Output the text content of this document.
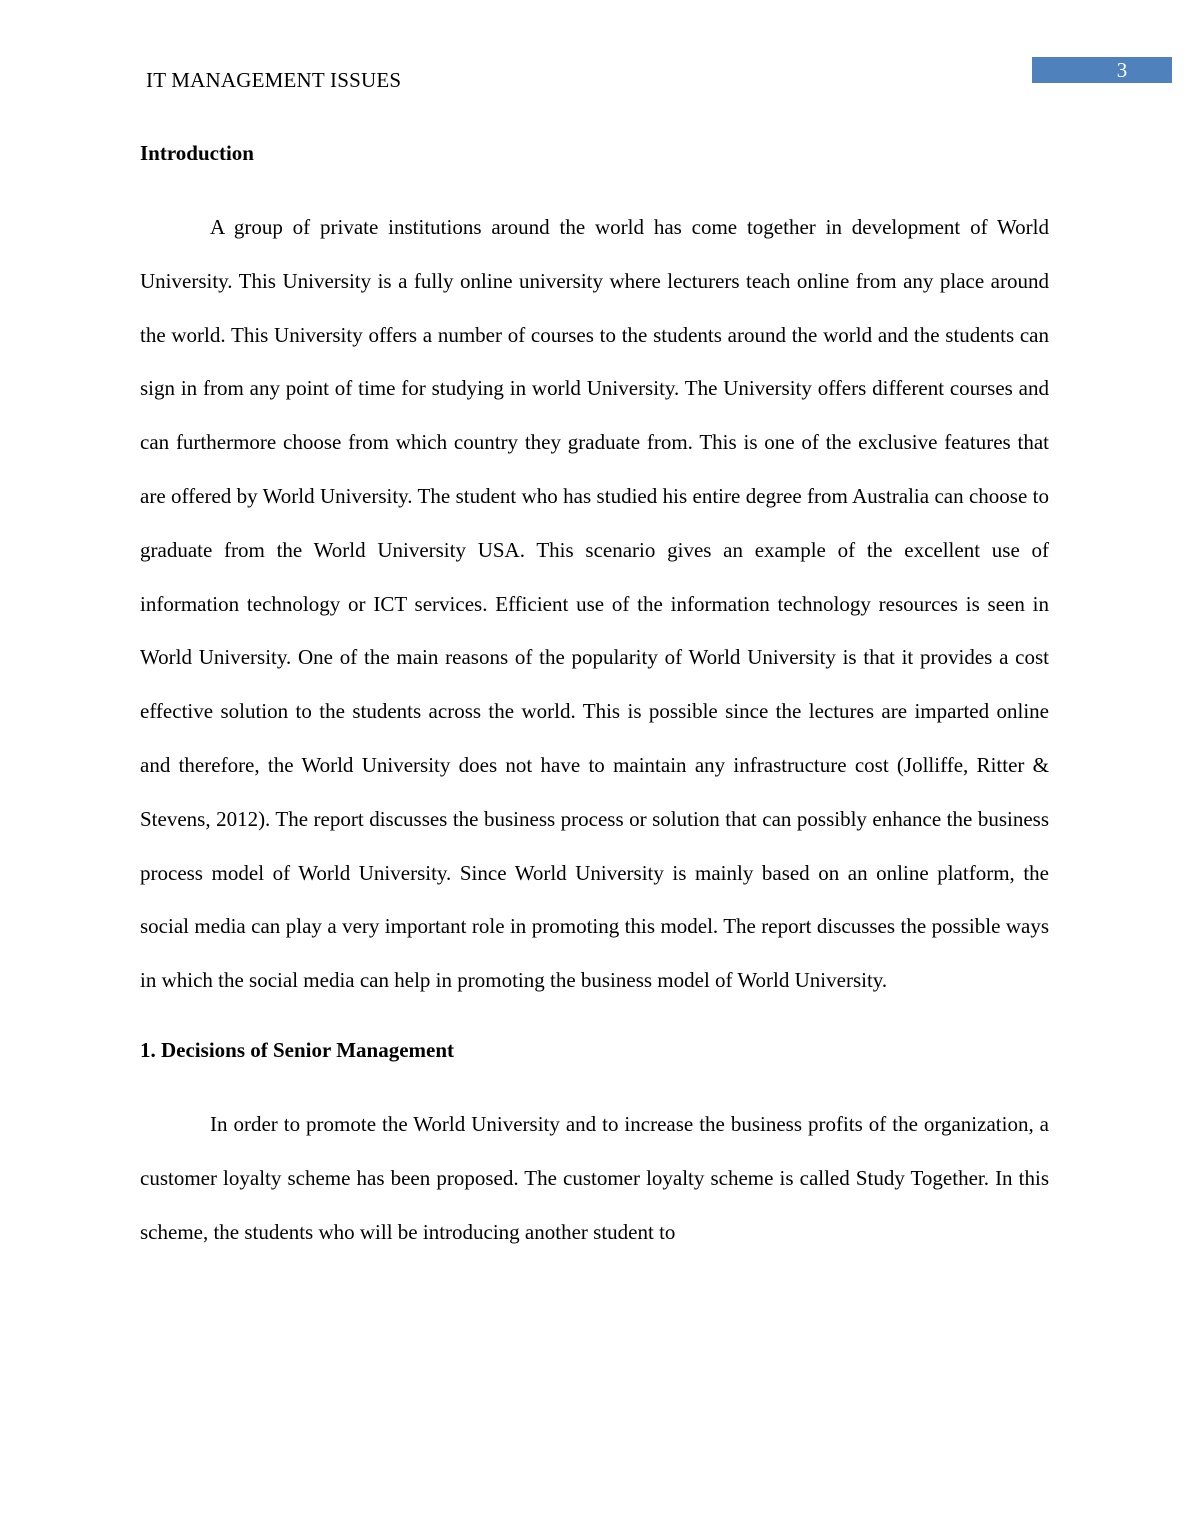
IT MANAGEMENT ISSUES	3
Introduction

A group of private institutions around the world has come together in development of World University. This University is a fully online university where lecturers teach online from any place around the world. This University offers a number of courses to the students around the world and the students can sign in from any point of time for studying in world University. The University offers different courses and can furthermore choose from which country they graduate from. This is one of the exclusive features that are offered by World University. The student who has studied his entire degree from Australia can choose to graduate from the World University USA. This scenario gives an example of the excellent use of information technology or ICT services. Efficient use of the information technology resources is seen in World University. One of the main reasons of the popularity of World University is that it provides a cost effective solution to the students across the world. This is possible since the lectures are imparted online and therefore, the World University does not have to maintain any infrastructure cost (Jolliffe, Ritter & Stevens, 2012). The report discusses the business process or solution that can possibly enhance the business process model of World University. Since World University is mainly based on an online platform, the social media can play a very important role in promoting this model. The report discusses the possible ways in which the social media can help in promoting the business model of World University.

1. Decisions of Senior Management

In order to promote the World University and to increase the business profits of the organization, a customer loyalty scheme has been proposed. The customer loyalty scheme is called Study Together. In this scheme, the students who will be introducing another student to
